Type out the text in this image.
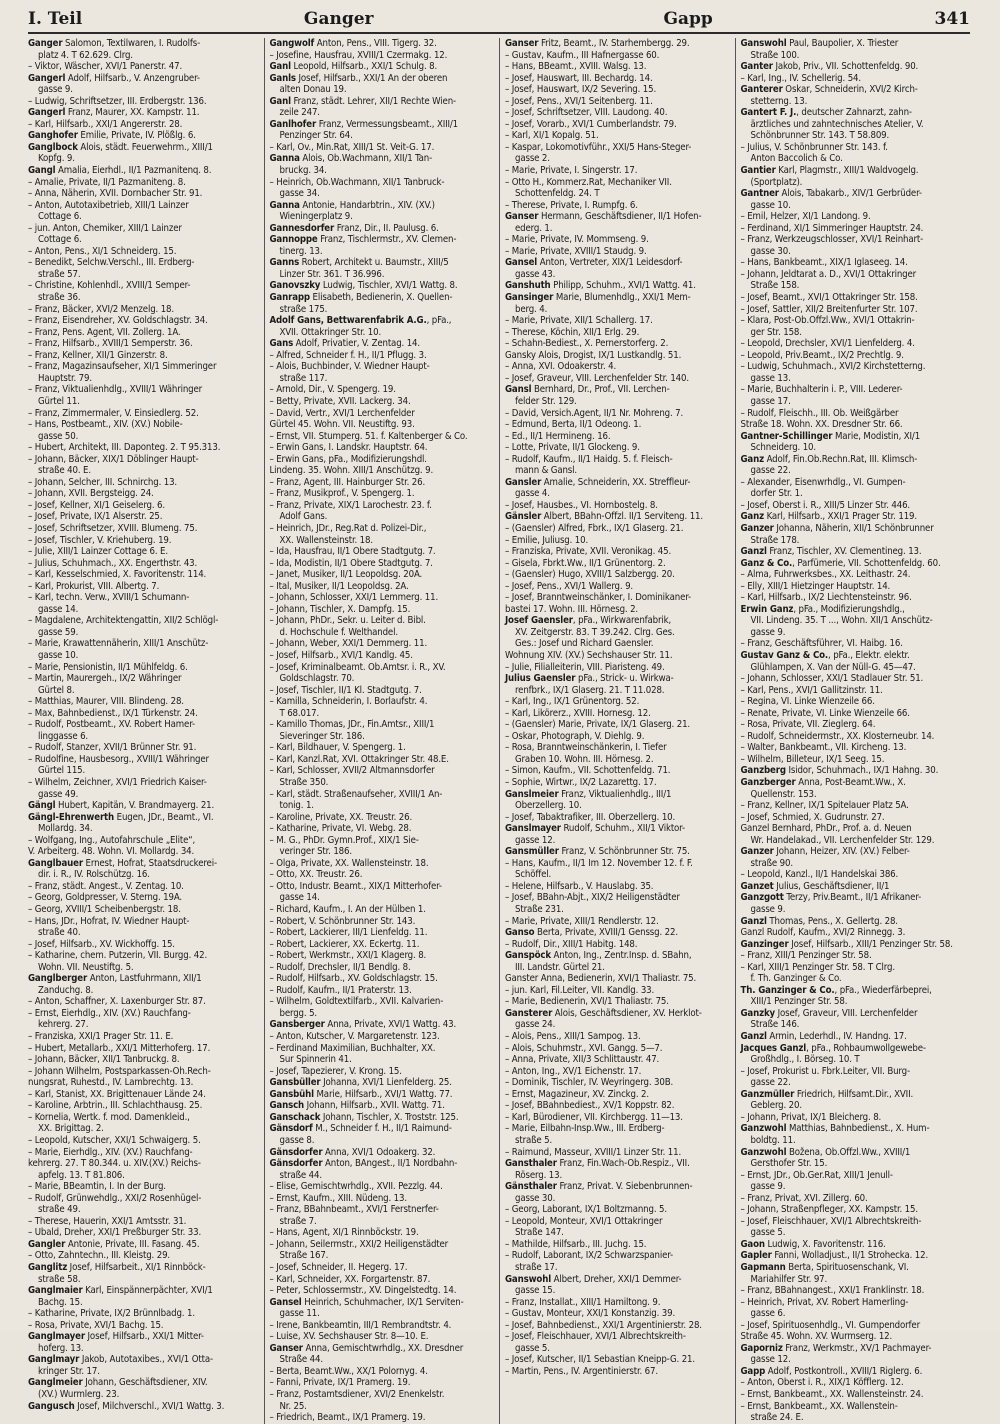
I. Teil	Ganger	Gapp	341
Ganger Salomon, Textilwaren, I. Rudolfs-
platz 4. T 62.629. Clrg.
– Viktor, Wäscher, XVI/1 Panerstr. 47.
Gangerl Adolf, Hilfsarb., V. Anzengruber-
gasse 9.
– Ludwig, Schriftsetzer, III. Erdbergstr. 136.
Gangerl Franz, Maurer, XX. Kampstr. 11.
– Karl, Hilfsarb., XXI/1 Angererstr. 28.
Ganghofer Emilie, Private, IV. Plößlg. 6.
Ganglbock Alois, städt. Feuerwehrm., XIII/1
Kopfg. 9.
Gangl Amalia, Eierhdl., II/1 Pazmanitenq. 8.
– Amalie, Private, II/1 Pazmaniteng. 8.
– Anna, Näherin, XVII. Dornbacher Str. 91.
– Anton, Autotaxibetrieb, XIII/1 Lainzer
Cottage 6.
– jun. Anton, Chemiker, XIII/1 Lainzer
Cottage 6.
– Anton, Pens., XI/1 Schneiderg. 15.
– Benedikt, Selchw.Verschl., III. Erdberg-
straße 57.
– Christine, Kohlenhdl., XVIII/1 Semper-
straße 36.
– Franz, Bäcker, XVI/2 Menzelg. 18.
– Franz, Eisendreher, XV. Goldschlagstr. 34.
– Franz, Pens. Agent, VII. Zollerg. 1A.
– Franz, Hilfsarb., XVIII/1 Semperstr. 36.
– Franz, Kellner, XII/1 Ginzerstr. 8.
– Franz, Magazinsaufseher, XI/1 Simmeringer
Hauptstr. 79.
– Franz, Viktualienhdlg., XVIII/1 Währinger
Gürtel 11.
– Franz, Zimmermaler, V. Einsiedlerg. 52.
– Hans, Postbeamt., XIV. (XV.) Nobile-
gasse 50.
– Hubert, Architekt, III. Daponteg. 2. T 95.313.
– Johann, Bäcker, XIX/1 Döblinger Haupt-
straße 40. E.
– Johann, Selcher, III. Schnirchg. 13.
– Johann, XVII. Bergsteigg. 24.
– Josef, Kellner, XI/1 Geiselerg. 6.
– Josef, Private, IX/1 Alserstr. 25.
– Josef, Schriftsetzer, XVIII. Blumeng. 75.
– Josef, Tischler, V. Kriehuberg. 19.
– Julie, XIII/1 Lainzer Cottage 6. E.
– Julius, Schuhmach., XX. Engerthstr. 43.
– Karl, Kesselschmied, X. Favoritenstr. 114.
– Karl, Prokurist, VIII. Albertg. 7.
– Karl, techn. Verw., XVIII/1 Schumann-
gasse 14.
– Magdalene, Architektengattin, XII/2 Schlögl-
gasse 59.
– Marie, Krawattennäherin, XIII/1 Anschütz-
gasse 10.
– Marie, Pensionistin, II/1 Mühlfeldg. 6.
– Martin, Maurergeh., IX/2 Währinger
Gürtel 8.
– Matthias, Maurer, VIII. Blindeng. 28.
– Max, Bahnbedienst., IX/1 Türkenstr. 24.
– Rudolf, Postbeamt., XV. Robert Hamer-
linggasse 6.
– Rudolf, Stanzer, XVII/1 Brünner Str. 91.
– Rudolfine, Hausbesorg., XVIII/1 Währinger
Gürtel 115.
– Wilhelm, Zeichner, XVI/1 Friedrich Kaiser-
gasse 49.
Gängl Hubert, Kapitän, V. Brandmayerg. 21.
Gängl-Ehrenwerth Eugen, JDr., Beamt., VI.
Mollardg. 34.
– Wolfgang, Ing., Autofahrschule „Elite“,
V. Arbeiterg. 48. Wohn. VI. Mollardg. 34.
Ganglbauer Ernest, Hofrat, Staatsdruckerei-
dir. i. R., IV. Rolschützg. 16.
– Franz, städt. Angest., V. Zentag. 10.
– Georg, Goldpresser, V. Sterng. 19A.
– Georg, XVIII/1 Scheibenbergstr. 18.
– Hans, JDr., Hofrat, IV. Wiedner Haupt-
straße 40.
– Josef, Hilfsarb., XV. Wickhoffg. 15.
– Katharine, chem. Putzerin, VII. Burgg. 42.
Wohn. VII. Neustiftg. 5.
Ganglberger Anton, Lastfuhrmann, XII/1
Zanduchg. 8.
– Anton, Schaffner, X. Laxenburger Str. 87.
– Ernst, Eierhdlg., XIV. (XV.) Rauchfang-
kehrerg. 27.
– Franziska, XXI/1 Prager Str. 11. E.
– Hubert, Metallarb., XXI/1 Mitterhoferg. 17.
– Johann, Bäcker, XII/1 Tanbruckg. 8.
– Johann Wilhelm, Postsparkassen-Oh.Rech-
nungsrat, Ruhestd., IV. Lambrechtg. 13.
– Karl, Stanist, XX. Brigittenauer Lände 24.
– Karoline, Arbtrin., III. Schlachthausg. 25.
– Kornelia, Wertk. f. mod. Damenkleid.,
XX. Brigittag. 2.
– Leopold, Kutscher, XXI/1 Schwaigerg. 5.
– Marie, Eierhdlg., XIV. (XV.) Rauchfang-
kehrerg. 27. T 80.344. u. XIV.(XV.) Reichs-
apfelg. 13. T 81.806.
– Marie, BBeamtin, I. In der Burg.
– Rudolf, Grünwehdlg., XXI/2 Rosenhügel-
straße 49.
– Therese, Hauerin, XXI/1 Amtsstr. 31.
– Ubald, Dreher, XXI/1 Preßburger Str. 33.
Gangler Antonie, Private, III. Fasang. 45.
– Otto, Zahntechn., III. Kleistg. 29.
Ganglitz Josef, Hilfsarbeit., XI/1 Rinnböck-
straße 58.
Ganglmaier Karl, Einspännerpächter, XVI/1
Bachg. 15.
– Katharine, Private, IX/2 Brünnlbadg. 1.
– Rosa, Private, XVI/1 Bachg. 15.
Ganglmayer Josef, Hilfsarb., XXI/1 Mitter-
hoferg. 13.
Ganglmayr Jakob, Autotaxibes., XVI/1 Otta-
kringer Str. 17.
Ganglmeier Johann, Geschäftsdiener, XIV.
(XV.) Wurmlerg. 23.
Gangusch Josef, Milchverschl., XVI/1 Wattg. 3.
Gangwolf Anton, Pens., VIII. Tigerg. 32.
– Josefine, Hausfrau, XVIII/1 Czermakg. 12.
Ganl Leopold, Hilfsarb., XXI/1 Schulg. 8.
Ganls Josef, Hilfsarb., XXI/1 An der oberen
alten Donau 19.
Ganl Franz, städt. Lehrer, XII/1 Rechte Wien-
zeile 247.
Ganlhofer Franz, Vermessungsbeamt., XIII/1
Penzinger Str. 64.
– Karl, Ov., Min.Rat, XIII/1 St. Veit-G. 17.
Ganna Alois, Ob.Wachmann, XII/1 Tan-
bruckg. 34.
– Heinrich, Ob.Wachmann, XII/1 Tanbruck-
gasse 34.
Ganna Antonie, Handarbtrin., XIV. (XV.)
Wieningerplatz 9.
Gannesdorfer Franz, Dir., II. Paulusg. 6.
Gannoppe Franz, Tischlermstr., XV. Clemen-
tinerg. 13.
Ganns Robert, Architekt u. Baumstr., XIII/5
Linzer Str. 361. T 36.996.
Ganovszky Ludwig, Tischler, XVI/1 Wattg. 8.
Ganrapp Elisabeth, Bedienerin, X. Quellen-
straße 175.
Adolf Gans, Bettwarenfabrik A.G., pFa.,
XVII. Ottakringer Str. 10.
Gans Adolf, Privatier, V. Zentag. 14.
– Alfred, Schneider f. H., II/1 Pflugg. 3.
– Alois, Buchbinder, V. Wiedner Haupt-
straße 117.
– Arnold, Dir., V. Spengerg. 19.
– Betty, Private, XVII. Lackerg. 34.
– David, Vertr., XVI/1 Lerchenfelder
Gürtel 45. Wohn. VII. Neustiftg. 93.
– Ernst, VII. Stumperg. 51. f. Kaltenberger & Co.
– Erwin Gans, I. Landskr. Hauptstr. 64.
– Erwin Gans, pFa., Modifizierungshdl.
Lindeng. 35. Wohn. XIII/1 Anschützg. 9.
– Franz, Agent, III. Hainburger Str. 26.
– Franz, Musikprof., V. Spengerg. 1.
– Franz, Private, XIX/1 Larochestr. 23. f.
Adolf Gans.
– Heinrich, JDr., Reg.Rat d. Polizei-Dir.,
XX. Wallensteinstr. 18.
– Ida, Hausfrau, II/1 Obere Stadtgutg. 7.
– Ida, Modistin, II/1 Obere Stadtgutg. 7.
– Janet, Musiker, II/1 Leopoldsg. 20A.
– Ital, Musiker, II/1 Leopoldsg. 2A.
– Johann, Schlosser, XXI/1 Lemmerg. 11.
– Johann, Tischler, X. Dampfg. 15.
– Johann, PhDr., Sekr. u. Leiter d. Bibl.
d. Hochschule f. Welthandel.
– Johann, Weber, XXI/1 Demmerg. 11.
– Josef, Hilfsarb., XVI/1 Kandlg. 45.
– Josef, Kriminalbeamt. Ob.Amtsr. i. R., XV.
Goldschlagstr. 70.
– Josef, Tischler, II/1 Kl. Stadtgutg. 7.
– Kamilla, Schneiderin, I. Borlaufstr. 4.
T 68.017.
– Kamillo Thomas, JDr., Fin.Amtsr., XIII/1
Sieveringer Str. 186.
– Karl, Bildhauer, V. Spengerg. 1.
– Karl, Kanzl.Rat, XVI. Ottakringer Str. 48.E.
– Karl, Schlosser, XVII/2 Altmannsdorfer
Straße 350.
– Karl, städt. Straßenaufseher, XVIII/1 An-
tonig. 1.
– Karoline, Private, XX. Treustr. 26.
– Katharine, Private, VI. Webg. 28.
– M. G., PhDr. Gymn.Prof., XIX/1 Sie-
veringer Str. 186.
– Olga, Private, XX. Wallensteinstr. 18.
– Otto, XX. Treustr. 26.
– Otto, Industr. Beamt., XIX/1 Mitterhofer-
gasse 14.
– Richard, Kaufm., I. An der Hülben 1.
– Robert, V. Schönbrunner Str. 143.
– Robert, Lackierer, III/1 Lienfeldg. 11.
– Robert, Lackierer, XX. Eckertg. 11.
– Robert, Werkmstr., XXI/1 Klagerg. 8.
– Rudolf, Drechsler, II/1 Bendlg. 8.
– Rudolf, Hilfsarb., XV. Goldschlagstr. 15.
– Rudolf, Kaufm., II/1 Praterstr. 13.
– Wilhelm, Goldtextilfarb., XVII. Kalvarien-
bergg. 5.
Gansberger Anna, Private, XVI/1 Wattg. 43.
– Anton, Kutscher, V. Margaretenstr. 123.
– Ferdinand Maximilian, Buchhalter, XX.
Sur Spinnerin 41.
– Josef, Tapezierer, V. Krong. 15.
Gansbüller Johanna, XVI/1 Lienfelderg. 25.
Gansbühl Marie, Hilfsarb., XVI/1 Wattg. 77.
Gansch Johann, Hilfsarb., XVII. Wattg. 71.
Ganschack Johann, Tischler, X. Troststr. 125.
Gänsdorf M., Schneider f. H., II/1 Raimund-
gasse 8.
Gänsdorfer Anna, XVI/1 Odoakerg. 32.
Gänsdorfer Anton, BAngest., II/1 Nordbahn-
straße 44.
– Elise, Gemischtwrhdlg., XVII. Pezzlg. 44.
– Ernst, Kaufm., XIII. Nüdeng. 13.
– Franz, BBahnbeamt., XVI/1 Ferstnerfer-
straße 7.
– Hans, Agent, XI/1 Rinnböckstr. 19.
– Johann, Seilermstr., XXI/2 Heiligenstädter
Straße 167.
– Josef, Schneider, II. Hegerg. 17.
– Karl, Schneider, XX. Forgartenstr. 87.
– Peter, Schlossermstr., XV. Dingelstedtg. 14.
Gansel Heinrich, Schuhmacher, IX/1 Serviten-
gasse 11.
– Irene, Bankbeamtin, III/1 Rembrandtstr. 4.
– Luise, XV. Sechshauser Str. 8—10. E.
Ganser Anna, Gemischtwrhdlg., XX. Dresdner
Straße 44.
– Berta, Beamt.Ww., XX/1 Polornyg. 4.
– Fanni, Private, IX/1 Pramerg. 19.
– Franz, Postamtsdiener, XVI/2 Enenkelstr.
Nr. 25.
– Friedrich, Beamt., IX/1 Pramerg. 19.
Ganser Fritz, Beamt., IV. Starhembergg. 29.
– Gustav, Kaufm., III Hafnergasse 60.
– Hans, BBeamt., XVIII. Walsg. 13.
– Josef, Hauswart, III. Bechardg. 14.
– Josef, Hauswart, IX/2 Severing. 15.
– Josef, Pens., XVI/1 Seitenberg. 11.
– Josef, Schriftsetzer, VIII. Laudong. 40.
– Josef, Vorarb., XVI/1 Cumberlandstr. 79.
– Karl, XI/1 Kopalg. 51.
– Kaspar, Lokomotivführ., XXI/5 Hans-Steger-
gasse 2.
– Marie, Private, I. Singerstr. 17.
– Otto H., Kommerz.Rat, Mechaniker VII.
Schottenfeldg. 24. T
– Therese, Private, I. Rumpfg. 6.
Ganser Hermann, Geschäftsdiener, II/1 Hofen-
ederg. 1.
– Marie, Private, IV. Mommseng. 9.
– Marie, Private, XVIII/1 Staudg. 9.
Gansel Anton, Vertreter, XIX/1 Leidesdorf-
gasse 43.
Ganshuth Philipp, Schuhm., XVI/1 Wattg. 41.
Gansinger Marie, Blumenhdlg., XXI/1 Mem-
berg. 4.
– Marie, Private, XII/1 Schallerg. 17.
– Therese, Köchin, XII/1 Erlg. 29.
– Schahn-Bediest., X. Pernerstorferg. 2.
Gansky Alois, Drogist, IX/1 Lustkandlg. 51.
– Anna, XVI. Odoakerstr. 4.
– Josef, Graveur, VIII. Lerchenfelder Str. 140.
Gansl Bernhard, Dr., Prof., VII. Lerchen-
felder Str. 129.
– David, Versich.Agent, II/1 Nr. Mohreng. 7.
– Edmund, Berta, II/1 Odeong. 1.
– Ed., II/1 Hermineng. 16.
– Lotte, Private, II/1 Glockeng. 9.
– Rudolf, Kaufm., II/1 Haidg. 5. f. Fleisch-
mann & Gansl.
Gansler Amalie, Schneiderin, XX. Streffleur-
gasse 4.
– Josef, Hausbes., VI. Hornbostelg. 8.
Gänsler Albert, BBahn-Offzl. II/1 Serviteng. 11.
– (Gaensler) Alfred, Fbrk., IX/1 Glaserg. 21.
– Emilie, Juliusg. 10.
– Franziska, Private, XVII. Veronikag. 45.
– Gisela, Fbrkt.Ww., II/1 Grünentorg. 2.
– (Gaensler) Hugo, XVIII/1 Salzbergg. 20.
– Josef, Pens., XVI/1 Wallerg. 9.
– Josef, Branntweinschänker, I. Dominikaner-
bastei 17. Wohn. III. Hörnesg. 2.
Josef Gaensler, pFa., Wirkwarenfabrik,
XV. Zeitgerstr. 83. T 39.242. Clrg. Ges.
Ges.: Josef und Richard Gaensler.
Wohnung XIV. (XV.) Sechshauser Str. 11.
– Julie, Filialleiterin, VIII. Piaristeng. 49.
Julius Gaensler pFa., Strick- u. Wirkwa-
renfbrk., IX/1 Glaserg. 21. T 11.028.
– Karl, Ing., IX/1 Grünentorg. 52.
– Karl, Likörerz., XVIII. Hornesg. 12.
– (Gaensler) Marie, Private, IX/1 Glaserg. 21.
– Oskar, Photograph, V. Diehlg. 9.
– Rosa, Branntweinschänkerin, I. Tiefer
Graben 10. Wohn. III. Hörnesg. 2.
– Simon, Kaufm., VII. Schottenfeldg. 71.
– Sophie, Wirtwr., IX/2 Lazarettg. 17.
Ganslmeier Franz, Viktualienhdlg., III/1
Oberzellerg. 10.
– Josef, Tabaktrafiker, III. Oberzellerg. 10.
Ganslmayer Rudolf, Schuhm., XII/1 Viktor-
gasse 12.
Gansmüller Franz, V. Schönbrunner Str. 75.
– Hans, Kaufm., II/1 Im 12. November 12. f. F.
Schöffel.
– Helene, Hilfsarb., V. Hauslabg. 35.
– Josef, BBahn-Abjt., XIX/2 Heiligenstädter
Straße 231.
– Marie, Private, XIII/1 Rendlerstr. 12.
Ganso Berta, Private, XVIII/1 Genssg. 22.
– Rudolf, Dir., XIII/1 Habitg. 148.
Ganspöck Anton, Ing., Zentr.Insp. d. SBahn,
III. Landstr. Gürtel 21.
Ganster Anna, Bedienerin, XVI/1 Thaliastr. 75.
– jun. Karl, Fil.Leiter, VII. Kandlg. 33.
– Marie, Bedienerin, XVI/1 Thaliastr. 75.
Gansterer Alois, Geschäftsdiener, XV. Herklot-
gasse 24.
– Alois, Pens., XIII/1 Sampog. 13.
– Alois, Schuhmstr., XVI. Gangg. 5—7.
– Anna, Private, XII/3 Schlittaustr. 47.
– Anton, Ing., XV/1 Eichenstr. 17.
– Dominik, Tischler, IV. Weyringerg. 30B.
– Ernst, Magazineur, XV. Zinckg. 2.
– Josef, BBahnbediest., XV/1 Koppstr. 82.
– Karl, Bürodiener, VII. Kirchbergg. 11—13.
– Marie, Eilbahn-Insp.Ww., III. Erdberg-
straße 5.
– Raimund, Masseur, XVIII/1 Linzer Str. 11.
Gansthaler Franz, Fin.Wach-Ob.Respiz., VII.
Röserg. 13.
Gänsthaler Franz, Privat. V. Siebenbrunnen-
gasse 30.
– Georg, Laborant, IX/1 Boltzmanng. 5.
– Leopold, Monteur, XVI/1 Ottakringer
Straße 147.
– Mathilde, Hilfsarb., III. Juchg. 15.
– Rudolf, Laborant, IX/2 Schwarzspanier-
straße 17.
Ganswohl Albert, Dreher, XXI/1 Demmer-
gasse 15.
– Franz, Installat., XIII/1 Hamiltong. 9.
– Gustav, Monteur, XXI/1 Konstanzig. 39.
– Josef, Bahnbedienst., XXI/1 Argentinierstr. 28.
– Josef, Fleischhauer, XVI/1 Albrechtskreith-
gasse 5.
– Josef, Kutscher, II/1 Sebastian Kneipp-G. 21.
– Martin, Pens., IV. Argentinierstr. 67.
Ganswohl Paul, Baupolier, X. Triester
Straße 100.
Ganter Jakob, Priv., VII. Schottenfeldg. 90.
– Karl, Ing., IV. Schellerig. 54.
Ganterer Oskar, Schneiderin, XVI/2 Kirch-
stetterng. 13.
Gantert F. J., deutscher Zahnarzt, zahn-
ärztliches und zahntechnisches Atelier, V.
Schönbrunner Str. 143. T 58.809.
– Julius, V. Schönbrunner Str. 143. f.
Anton Baccolich & Co.
Gantier Karl, Plagmstr., XIII/1 Waldvogelg.
(Sportplatz).
Gantner Alois, Tabakarb., XIV/1 Gerbrüder-
gasse 10.
– Emil, Helzer, XI/1 Landong. 9.
– Ferdinand, XI/1 Simmeringer Hauptstr. 24.
– Franz, Werkzeugschlosser, XVI/1 Reinhart-
gasse 30.
– Hans, Bankbeamt., XIX/1 Iglaseeg. 14.
– Johann, Jeldtarat a. D., XVI/1 Ottakringer
Straße 158.
– Josef, Beamt., XVI/1 Ottakringer Str. 158.
– Josef, Sattler, XII/2 Breitenfurter Str. 107.
– Klara, Post-Ob.Offzl.Ww., XVI/1 Ottakrin-
ger Str. 158.
– Leopold, Drechsler, XVI/1 Lienfelderg. 4.
– Leopold, Priv.Beamt., IX/2 Prechtlg. 9.
– Ludwig, Schuhmach., XVI/2 Kirchstetterng.
gasse 13.
– Marie, Buchhalterin i. P., VIII. Lederer-
gasse 17.
– Rudolf, Fleischh., III. Ob. Weißgärber
Straße 18. Wohn. XX. Dresdner Str. 66.
Gantner-Schillinger Marie, Modistin, XI/1
Schneiderg. 10.
Ganz Adolf, Fin.Ob.Rechn.Rat, III. Klimsch-
gasse 22.
– Alexander, Eisenwrhdlg., VI. Gumpen-
dorfer Str. 1.
– Josef, Oberst i. R., XIII/5 Linzer Str. 446.
Ganz Karl, Hilfsarb., XXI/1 Prager Str. 119.
Ganzer Johanna, Näherin, XII/1 Schönbrunner
Straße 178.
Ganzl Franz, Tischler, XV. Clementineg. 13.
Ganz & Co., Parfümerie, VII. Schottenfeldg. 60.
– Alma, Fuhrwerksbes., XX. Leithastr. 24.
– Elly, XIII/1 Hietzinger Hauptstr. 14.
– Karl, Hilfsarb., IX/2 Liechtensteinstr. 96.
Erwin Ganz, pFa., Modifizierungshdlg.,
VII. Lindeng. 35. T ..., Wohn. XII/1 Anschütz-
gasse 9.
– Franz, Geschäftsführer, VI. Haibg. 16.
Gustav Ganz & Co., pFa., Elektr. elektr.
Glühlampen, X. Van der Nüll-G. 45—47.
– Johann, Schlosser, XXI/1 Stadlauer Str. 51.
– Karl, Pens., XVI/1 Gallitzinstr. 11.
– Regina, VI. Linke Wienzeile 66.
– Renate, Private, VI. Linke Wienzeile 66.
– Rosa, Private, VII. Zieglerg. 64.
– Rudolf, Schneidermstr., XX. Klosterneubr. 14.
– Walter, Bankbeamt., VII. Kircheng. 13.
– Wilhelm, Billeteur, IX/1 Seeg. 15.
Ganzberg Isidor, Schuhmach., IX/1 Hahng. 30.
Ganzberger Anna, Post-Beamt.Ww., X.
Quellenstr. 153.
– Franz, Kellner, IX/1 Spitelauer Platz 5A.
– Josef, Schmied, X. Gudrunstr. 27.
Ganzel Bernhard, PhDr., Prof. a. d. Neuen
Wr. Handelakad., VII. Lerchenfelder Str. 129.
Ganzer Johann, Heizer, XIV. (XV.) Felber-
straße 90.
– Leopold, Kanzl., II/1 Handelskai 386.
Ganzet Julius, Geschäftsdiener, II/1
Ganzgott Terzy, Priv.Beamt., II/1 Afrikaner-
gasse 9.
Ganzl Thomas, Pens., X. Gellertg. 28.
Ganzl Rudolf, Kaufm., XVI/2 Rinnegg. 3.
Ganzinger Josef, Hilfsarb., XIII/1 Penzinger Str. 58.
– Franz, XIII/1 Penzinger Str. 58.
– Karl, XIII/1 Penzinger Str. 58. T Clrg.
f. Th. Ganzinger & Co.
Th. Ganzinger & Co., pFa., Wiederfärbeprei,
XIII/1 Penzinger Str. 58.
Ganzky Josef, Graveur, VIII. Lerchenfelder
Straße 146.
Ganzl Armin, Lederhdl., IV. Handng. 17.
Jacques Ganzl, pFa., Rohbaumwollgewebe-
Großhdlg., I. Börseg. 10. T
– Josef, Prokurist u. Fbrk.Leiter, VII. Burg-
gasse 22.
Ganzmüller Friedrich, Hilfsamt.Dir., XVII.
Geblerg. 20.
– Johann, Privat, IX/1 Bleicherg. 8.
Ganzwohl Matthias, Bahnbedienst., X. Hum-
boldtg. 11.
Ganzwohl Božena, Ob.Offzl.Ww., XVIII/1
Gersthofer Str. 15.
– Ernst, JDr., Ob.Ger.Rat, XIII/1 Jenull-
gasse 9.
– Franz, Privat, XVI. Zillerg. 60.
– Johann, Straßenpfleger, XX. Kampstr. 15.
– Josef, Fleischhauer, XVI/1 Albrechtskreith-
gasse 5.
Gaon Ludwig, X. Favoritenstr. 116.
Gapler Fanni, Wolladjust., II/1 Strohecka. 12.
Gapmann Berta, Spirituosenschank, VI.
Mariahilfer Str. 97.
– Franz, BBahnangest., XXI/1 Franklinstr. 18.
– Heinrich, Privat, XV. Robert Hamerling-
gasse 6.
– Josef, Spirituosenhdlg., VI. Gumpendorfer
Straße 45. Wohn. XV. Wurmserg. 12.
Gaporniz Franz, Werkmstr., XV/1 Pachmayer-
gasse 12.
Gapp Adolf, Postkontroll., XVIII/1 Riglerg. 6.
– Anton, Oberst i. R., XIX/1 Köfflerg. 12.
– Ernst, Bankbeamt., XX. Wallensteinstr. 24.
– Ernst, Bankbeamt., XX. Wallenstein-
straße 24. E.
